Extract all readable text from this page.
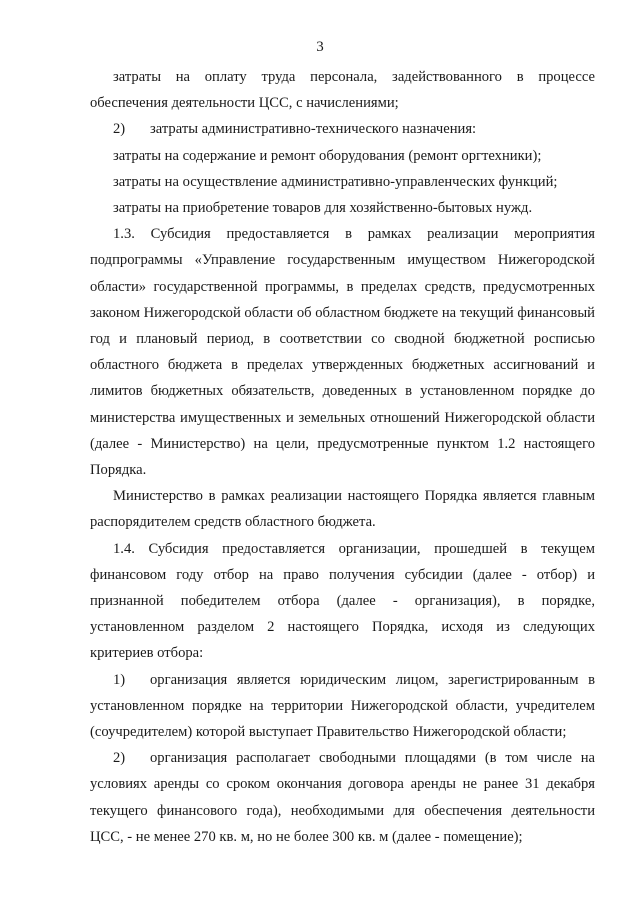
3

затраты на оплату труда персонала, задействованного в процессе обеспечения деятельности ЦСС, с начислениями;

2) затраты административно-технического назначения:

затраты на содержание и ремонт оборудования (ремонт оргтехники);

затраты на осуществление административно-управленческих функций;

затраты на приобретение товаров для хозяйственно-бытовых нужд.

1.3. Субсидия предоставляется в рамках реализации мероприятия подпрограммы «Управление государственным имуществом Нижегородской области» государственной программы, в пределах средств, предусмотренных законом Нижегородской области об областном бюджете на текущий финансовый год и плановый период, в соответствии со сводной бюджетной росписью областного бюджета в пределах утвержденных бюджетных ассигнований и лимитов бюджетных обязательств, доведенных в установленном порядке до министерства имущественных и земельных отношений Нижегородской области (далее - Министерство) на цели, предусмотренные пунктом 1.2 настоящего Порядка.

Министерство в рамках реализации настоящего Порядка является главным распорядителем средств областного бюджета.

1.4. Субсидия предоставляется организации, прошедшей в текущем финансовом году отбор на право получения субсидии (далее - отбор) и признанной победителем отбора (далее - организация), в порядке, установленном разделом 2 настоящего Порядка, исходя из следующих критериев отбора:

1) организация является юридическим лицом, зарегистрированным в установленном порядке на территории Нижегородской области, учредителем (соучредителем) которой выступает Правительство Нижегородской области;

2) организация располагает свободными площадями (в том числе на условиях аренды со сроком окончания договора аренды не ранее 31 декабря текущего финансового года), необходимыми для обеспечения деятельности ЦСС, - не менее 270 кв. м, но не более 300 кв. м (далее - помещение);
